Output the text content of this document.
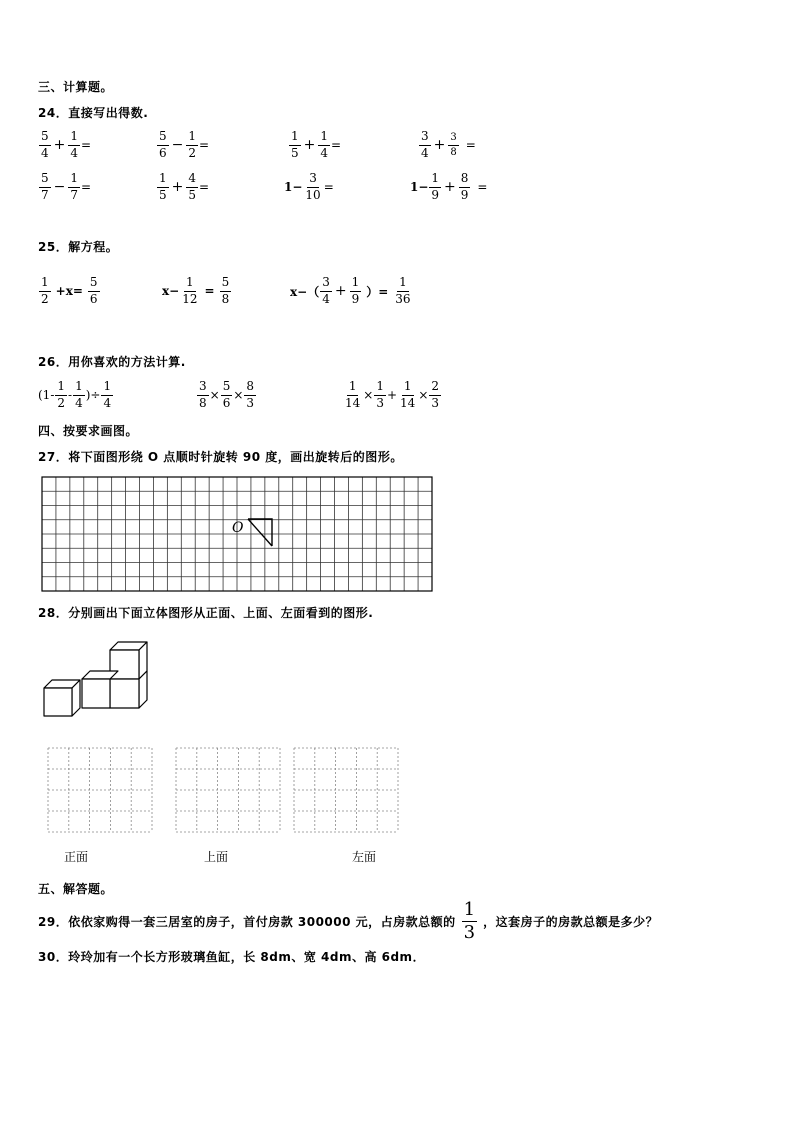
三、计算题。
24．直接写出得数.
$\frac{5}{4} + \frac{1}{4}$ =	$\frac{5}{6} - \frac{1}{2}$ =	$\frac{1}{5} + \frac{1}{4}$ =	$\frac{3}{4} + \frac{3}{8}$ =
$\frac{5}{7} - \frac{1}{7}$ =	$\frac{1}{5} + \frac{4}{5}$ =	$1- \frac{3}{10}$ =	$1- \frac{1}{9} + \frac{8}{9}$ =
25．解方程。
$\frac{1}{2} +x= \frac{5}{6}$	$x- \frac{1}{12} = \frac{5}{8}$	$x-( \frac{3}{4} + \frac{1}{9}$ ）= $\frac{1}{36}$
26．用你喜欢的方法计算.
($1- \frac{1}{2} - \frac{1}{4}$ )÷ $\frac{1}{4}$	$\frac{3}{8} \times \frac{5}{6} \times \frac{8}{3}$	$\frac{1}{14} \times \frac{1}{3} + \frac{1}{14} \times \frac{2}{3}$
四、按要求画图。
27．将下面图形绕 O 点顺时针旋转 90 度，画出旋转后的图形。
O
28．分别画出下面立体图形从正面、上面、左面看到的图形.
正面	上面	左面
五、解答题。
29．依依家购得一套三居室的房子，首付房款 300000 元，占房款总额的 $\frac{1}{3}$ ，这套房子的房款总额是多少？
30．玲玲加有一个长方形玻璃鱼缸，长 8dm、宽 4dm、高 6dm．
